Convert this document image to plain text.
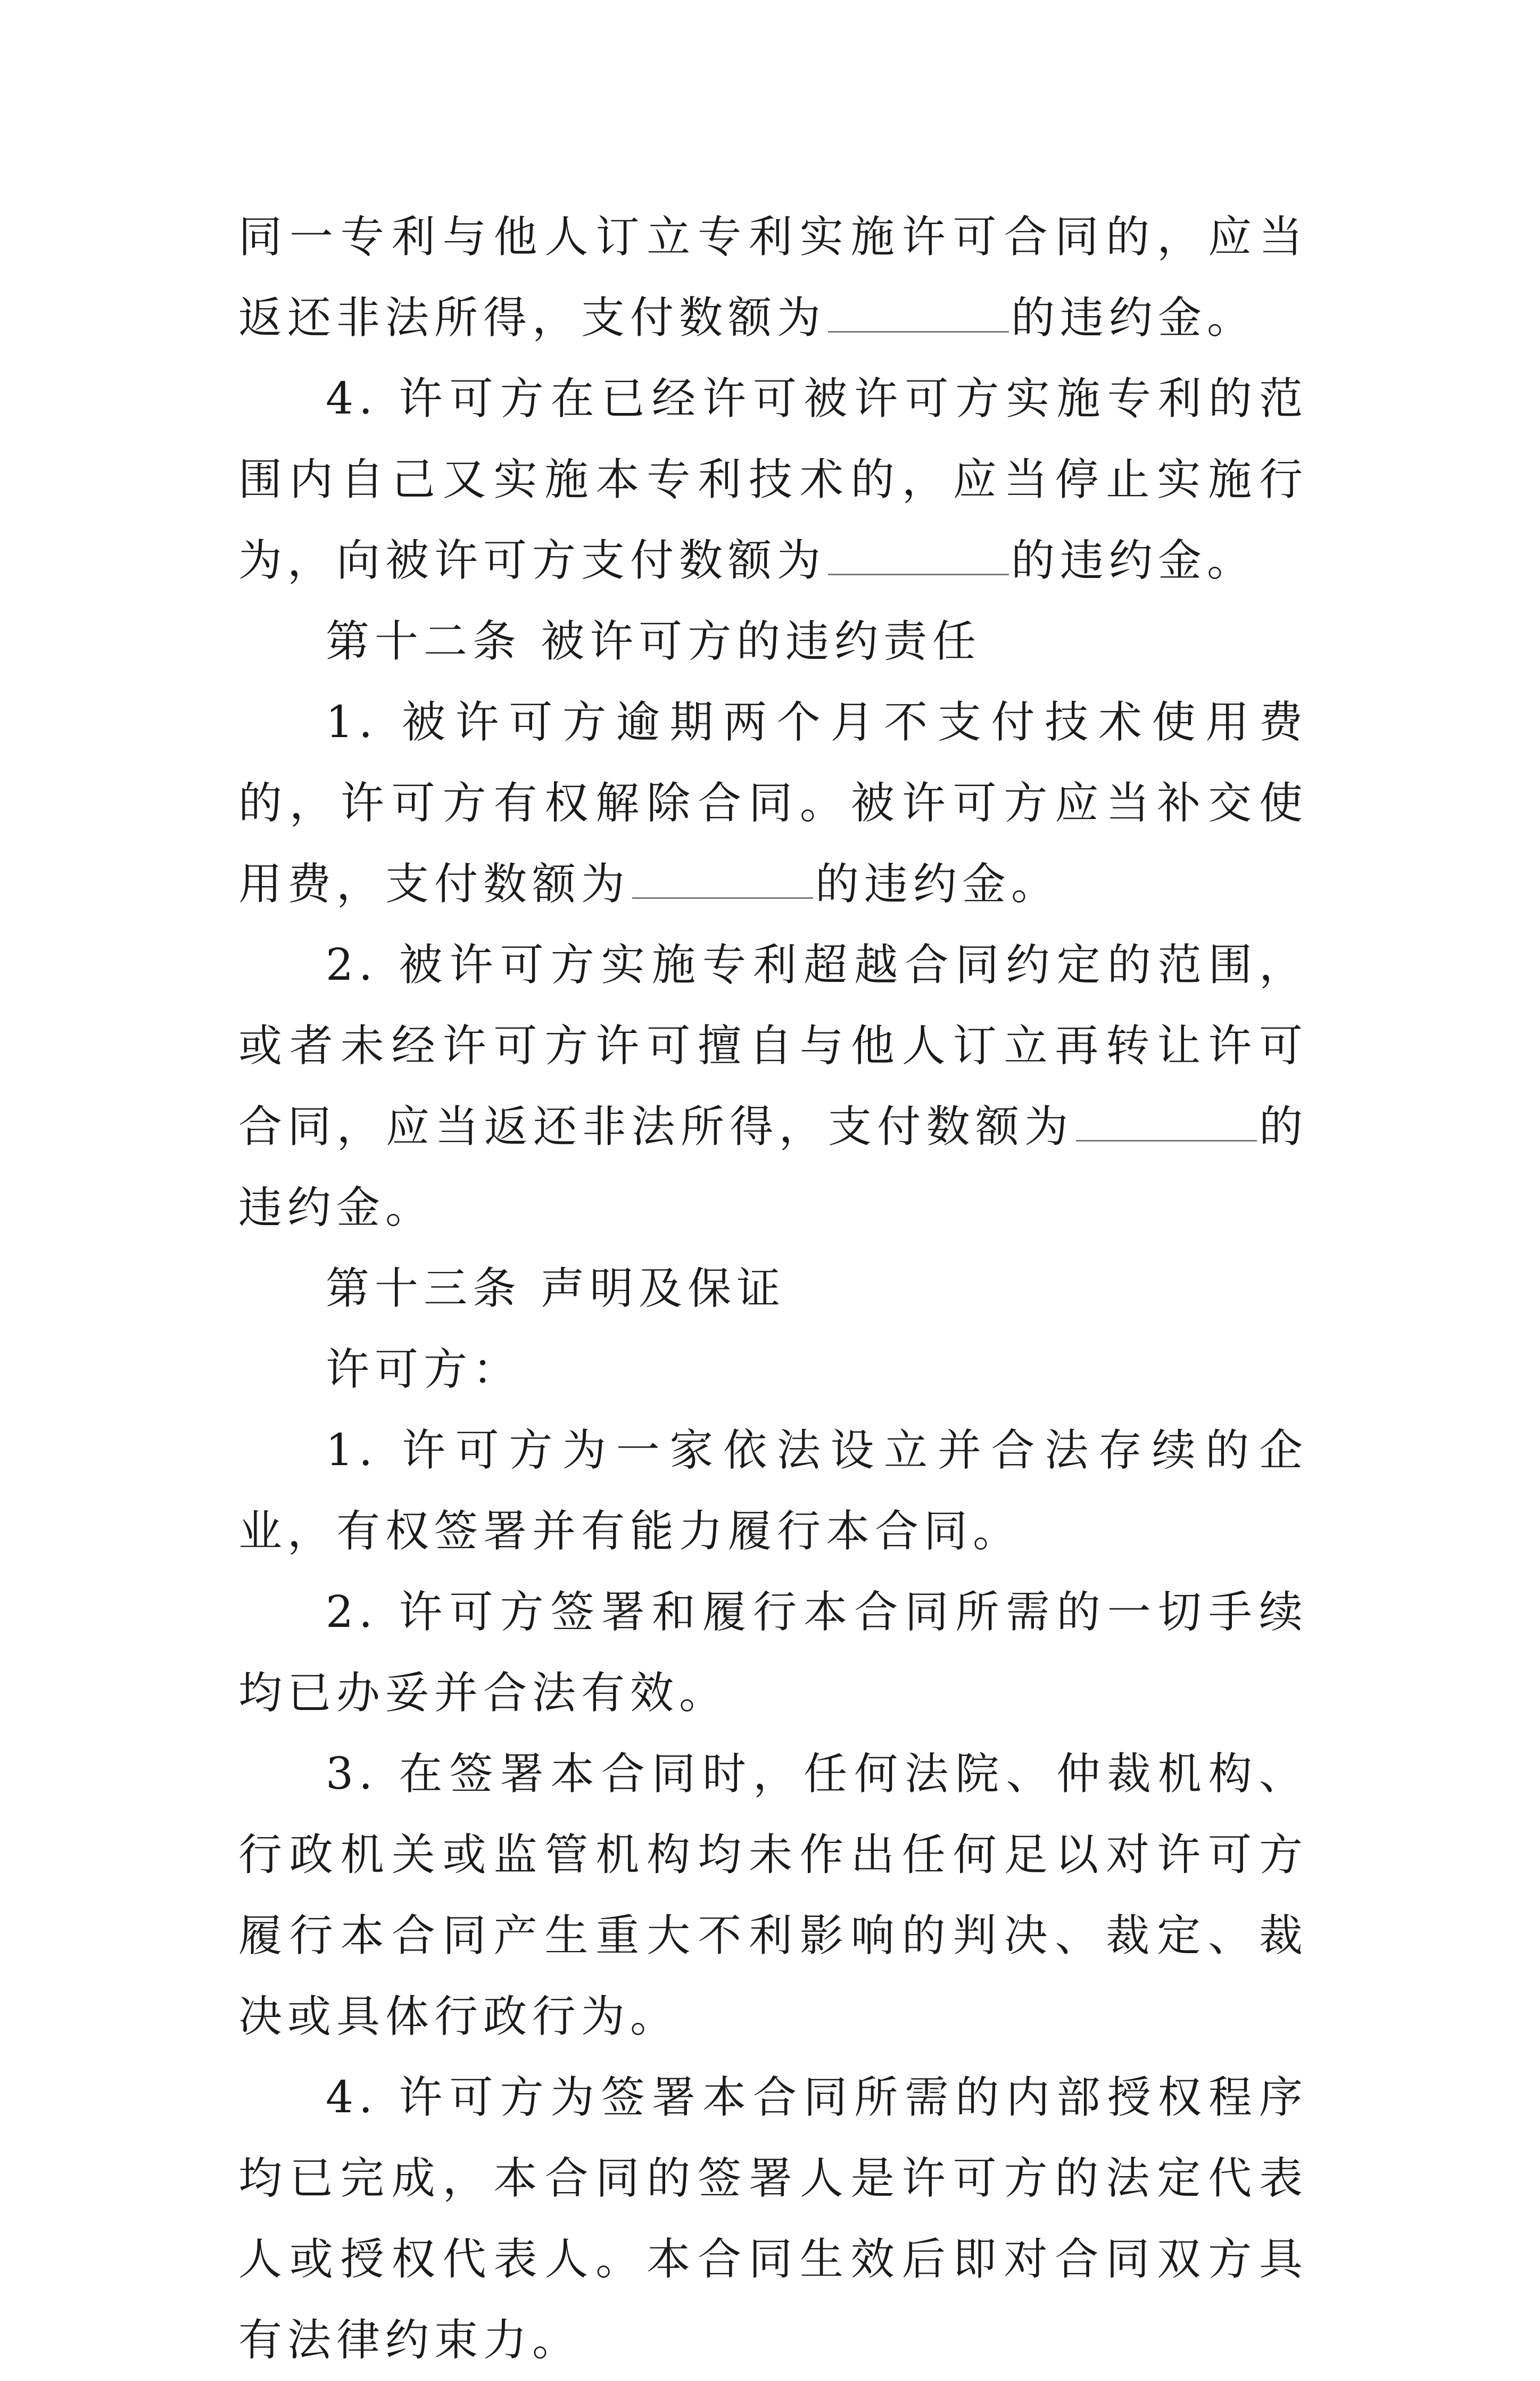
同一专利与他人订立专利实施许可合同的，应当返还非法所得，支付数额为	的违约金。

4. 许可方在已经许可被许可方实施专利的范围内自己又实施本专利技术的，应当停止实施行为，向被许可方支付数额为	的违约金。

第十二条 被许可方的违约责任

1. 被许可方逾期两个月不支付技术使用费的，许可方有权解除合同。被许可方应当补交使用费，支付数额为	的违约金。

2. 被许可方实施专利超越合同约定的范围，或者未经许可方许可擅自与他人订立再转让许可合同，应当返还非法所得，支付数额为	的违约金。

第十三条 声明及保证

许可方：

1. 许可方为一家依法设立并合法存续的企业，有权签署并有能力履行本合同。

2. 许可方签署和履行本合同所需的一切手续均已办妥并合法有效。

3. 在签署本合同时，任何法院、仲裁机构、行政机关或监管机构均未作出任何足以对许可方履行本合同产生重大不利影响的判决、裁定、裁决或具体行政行为。

4. 许可方为签署本合同所需的内部授权程序均已完成，本合同的签署人是许可方的法定代表人或授权代表人。本合同生效后即对合同双方具有法律约束力。
